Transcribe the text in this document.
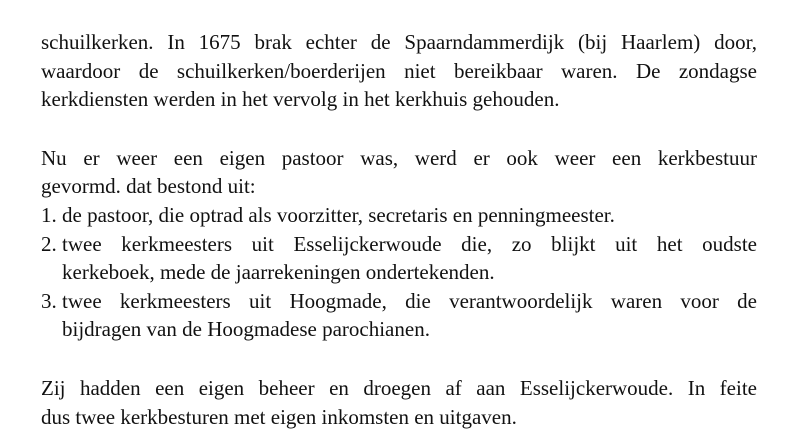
schuilkerken. In 1675 brak echter de Spaarndammerdijk (bij Haarlem) door,
waardoor de schuilkerken/boerderijen niet bereikbaar waren. De zondagse
kerkdiensten werden in het vervolg in het kerkhuis gehouden.
Nu er weer een eigen pastoor was, werd er ook weer een kerkbestuur
gevormd. dat bestond uit:
1. de pastoor, die optrad als voorzitter, secretaris en penningmeester.
2. twee kerkmeesters uit Esselijckerwoude die, zo blijkt uit het oudste
kerkeboek, mede de jaarrekeningen ondertekenden.
3. twee kerkmeesters uit Hoogmade, die verantwoordelijk waren voor de
bijdragen van de Hoogmadese parochianen.
Zij hadden een eigen beheer en droegen af aan Esselijckerwoude. In feite
dus twee kerkbesturen met eigen inkomsten en uitgaven.
